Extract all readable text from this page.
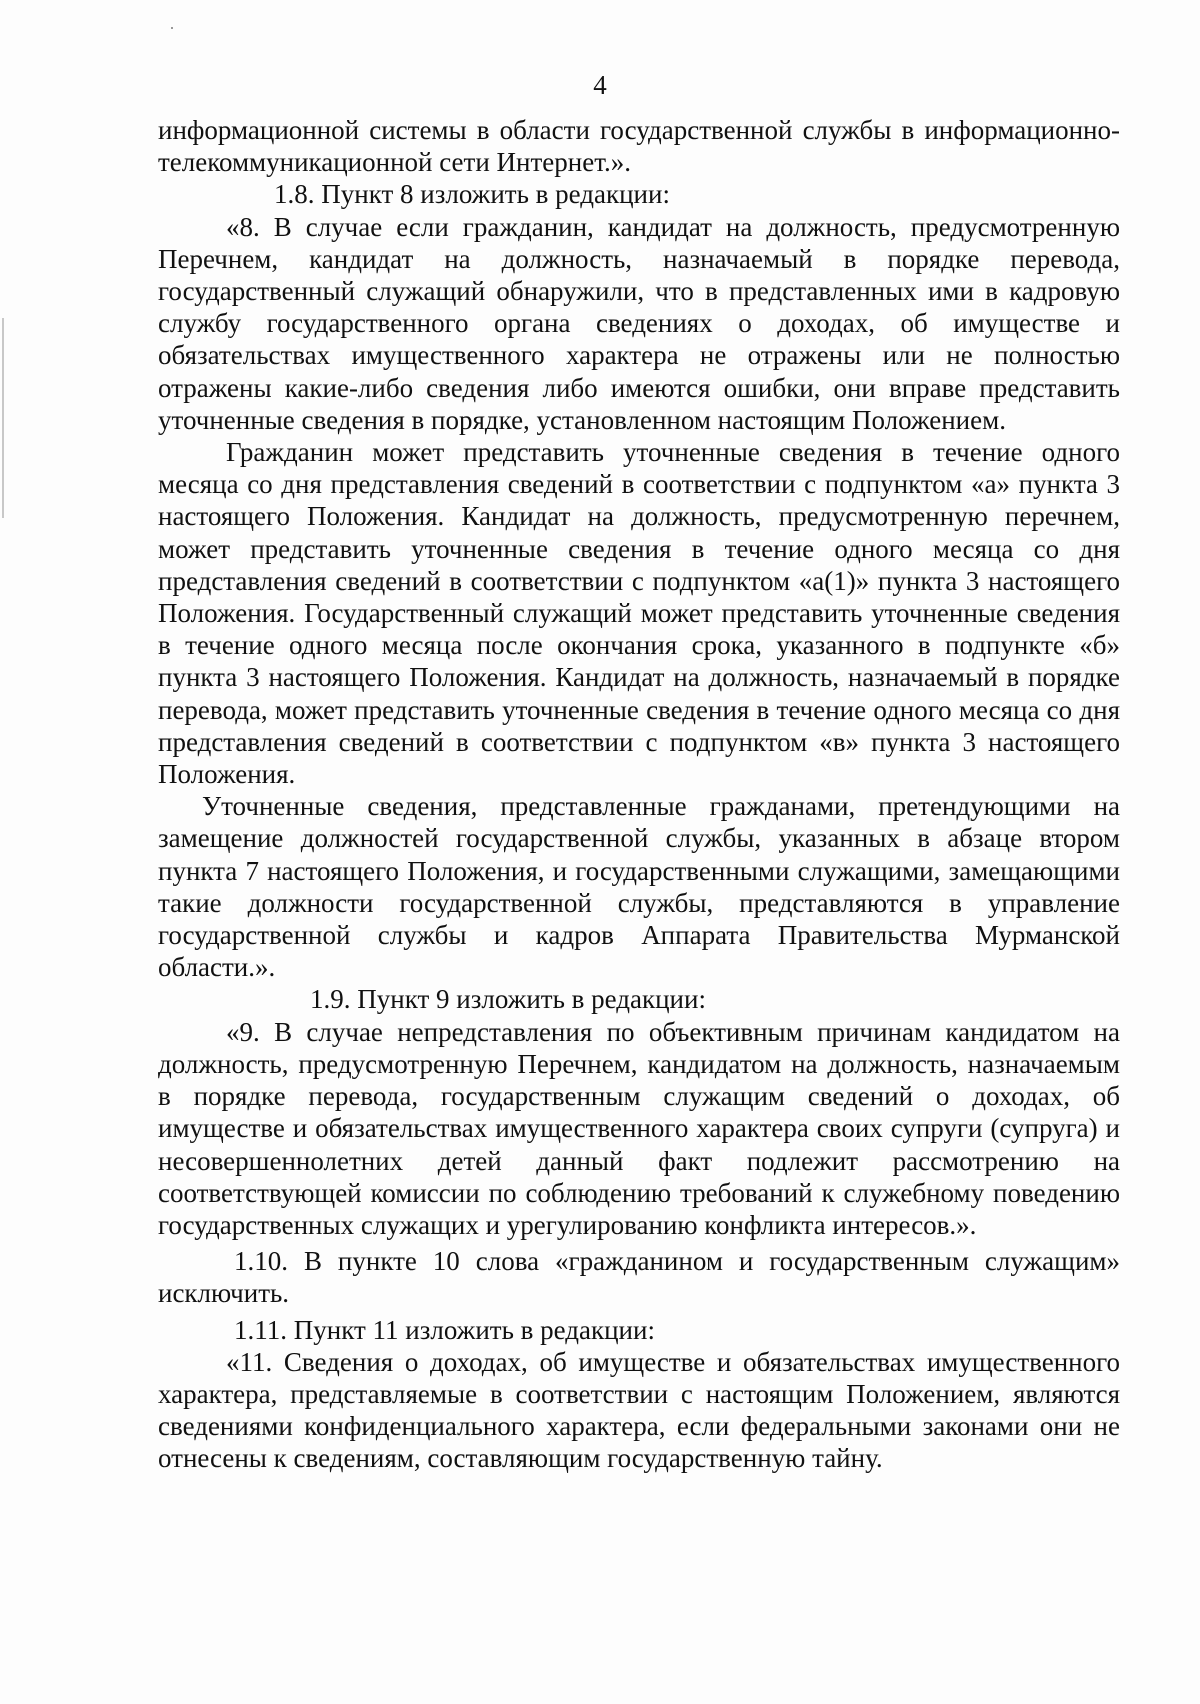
4

информационной системы в области государственной службы в информационно-телекоммуникационной сети Интернет.».

1.8. Пункт 8 изложить в редакции:

«8. В случае если гражданин, кандидат на должность, предусмотренную Перечнем, кандидат на должность, назначаемый в порядке перевода, государственный служащий обнаружили, что в представленных ими в кадровую службу государственного органа сведениях о доходах, об имуществе и обязательствах имущественного характера не отражены или не полностью отражены какие-либо сведения либо имеются ошибки, они вправе представить уточненные сведения в порядке, установленном настоящим Положением.

Гражданин может представить уточненные сведения в течение одного месяца со дня представления сведений в соответствии с подпунктом «а» пункта 3 настоящего Положения. Кандидат на должность, предусмотренную перечнем, может представить уточненные сведения в течение одного месяца со дня представления сведений в соответствии с подпунктом «а(1)» пункта 3 настоящего Положения. Государственный служащий может представить уточненные сведения в течение одного месяца после окончания срока, указанного в подпункте «б» пункта 3 настоящего Положения. Кандидат на должность, назначаемый в порядке перевода, может представить уточненные сведения в течение одного месяца со дня представления сведений в соответствии с подпунктом «в» пункта 3 настоящего Положения.

Уточненные сведения, представленные гражданами, претендующими на замещение должностей государственной службы, указанных в абзаце втором пункта 7 настоящего Положения, и государственными служащими, замещающими такие должности государственной службы, представляются в управление государственной службы и кадров Аппарата Правительства Мурманской области.».

1.9. Пункт 9 изложить в редакции:

«9. В случае непредставления по объективным причинам кандидатом на должность, предусмотренную Перечнем, кандидатом на должность, назначаемым в порядке перевода, государственным служащим сведений о доходах, об имуществе и обязательствах имущественного характера своих супруги (супруга) и несовершеннолетних детей данный факт подлежит рассмотрению на соответствующей комиссии по соблюдению требований к служебному поведению государственных служащих и урегулированию конфликта интересов.».

1.10. В пункте 10 слова «гражданином и государственным служащим» исключить.

1.11. Пункт 11 изложить в редакции:

«11. Сведения о доходах, об имуществе и обязательствах имущественного характера, представляемые в соответствии с настоящим Положением, являются сведениями конфиденциального характера, если федеральными законами они не отнесены к сведениям, составляющим государственную тайну.
